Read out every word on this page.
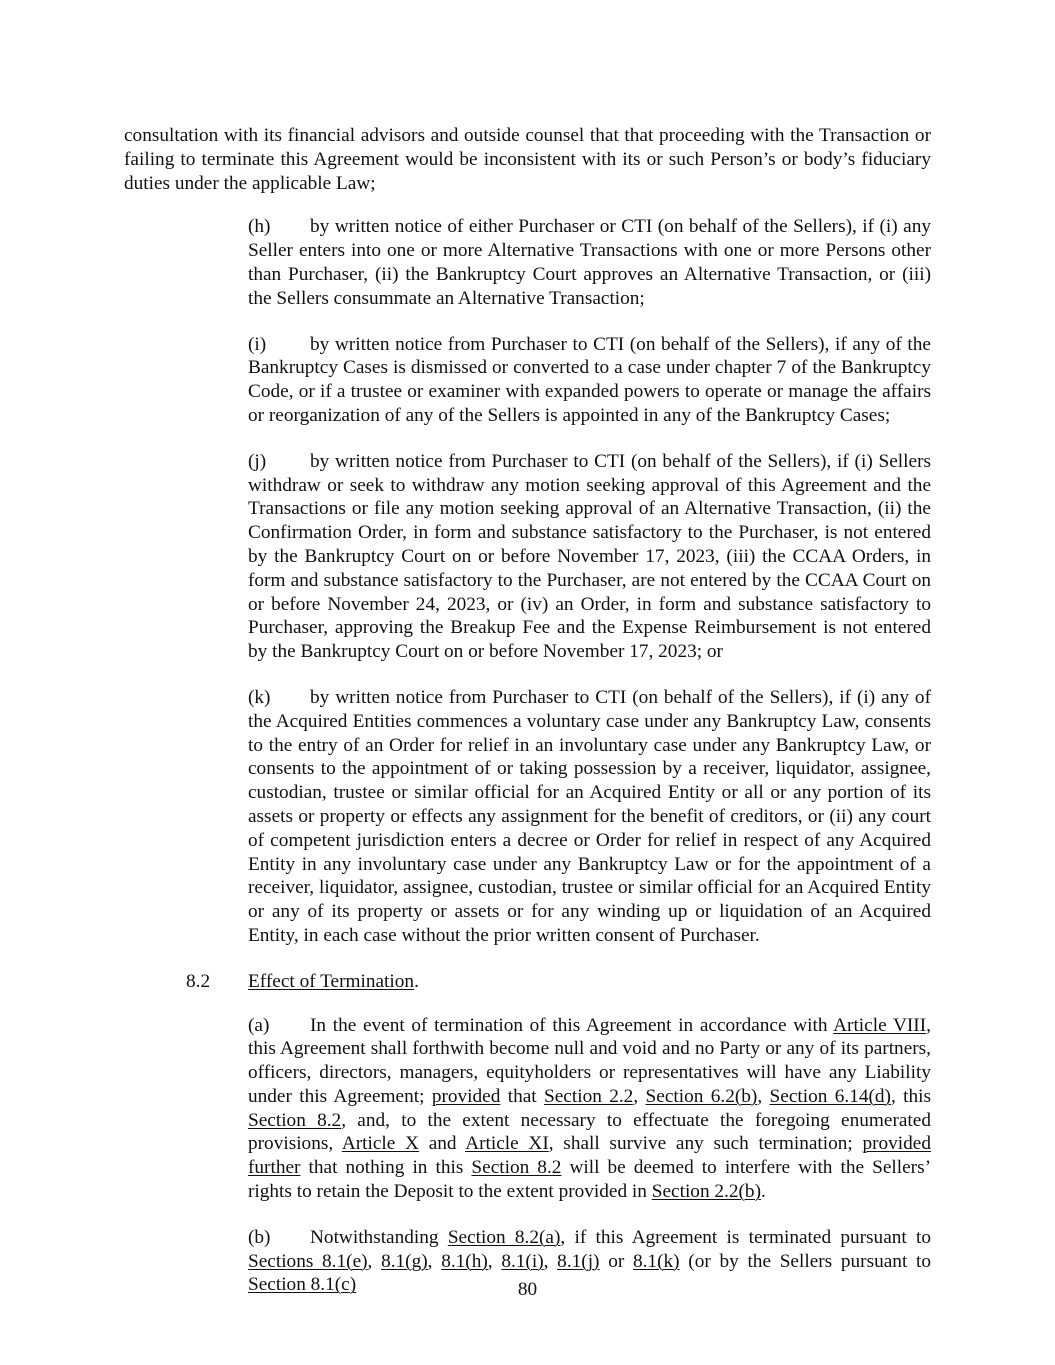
consultation with its financial advisors and outside counsel that that proceeding with the Transaction or failing to terminate this Agreement would be inconsistent with its or such Person’s or body’s fiduciary duties under the applicable Law;

(h) by written notice of either Purchaser or CTI (on behalf of the Sellers), if (i) any Seller enters into one or more Alternative Transactions with one or more Persons other than Purchaser, (ii) the Bankruptcy Court approves an Alternative Transaction, or (iii) the Sellers consummate an Alternative Transaction;

(i) by written notice from Purchaser to CTI (on behalf of the Sellers), if any of the Bankruptcy Cases is dismissed or converted to a case under chapter 7 of the Bankruptcy Code, or if a trustee or examiner with expanded powers to operate or manage the affairs or reorganization of any of the Sellers is appointed in any of the Bankruptcy Cases;

(j) by written notice from Purchaser to CTI (on behalf of the Sellers), if (i) Sellers withdraw or seek to withdraw any motion seeking approval of this Agreement and the Transactions or file any motion seeking approval of an Alternative Transaction, (ii) the Confirmation Order, in form and substance satisfactory to the Purchaser, is not entered by the Bankruptcy Court on or before November 17, 2023, (iii) the CCAA Orders, in form and substance satisfactory to the Purchaser, are not entered by the CCAA Court on or before November 24, 2023, or (iv) an Order, in form and substance satisfactory to Purchaser, approving the Breakup Fee and the Expense Reimbursement is not entered by the Bankruptcy Court on or before November 17, 2023; or

(k) by written notice from Purchaser to CTI (on behalf of the Sellers), if (i) any of the Acquired Entities commences a voluntary case under any Bankruptcy Law, consents to the entry of an Order for relief in an involuntary case under any Bankruptcy Law, or consents to the appointment of or taking possession by a receiver, liquidator, assignee, custodian, trustee or similar official for an Acquired Entity or all or any portion of its assets or property or effects any assignment for the benefit of creditors, or (ii) any court of competent jurisdiction enters a decree or Order for relief in respect of any Acquired Entity in any involuntary case under any Bankruptcy Law or for the appointment of a receiver, liquidator, assignee, custodian, trustee or similar official for an Acquired Entity or any of its property or assets or for any winding up or liquidation of an Acquired Entity, in each case without the prior written consent of Purchaser.

8.2 Effect of Termination.

(a) In the event of termination of this Agreement in accordance with Article VIII, this Agreement shall forthwith become null and void and no Party or any of its partners, officers, directors, managers, equityholders or representatives will have any Liability under this Agreement; provided that Section 2.2, Section 6.2(b), Section 6.14(d), this Section 8.2, and, to the extent necessary to effectuate the foregoing enumerated provisions, Article X and Article XI, shall survive any such termination; provided further that nothing in this Section 8.2 will be deemed to interfere with the Sellers’ rights to retain the Deposit to the extent provided in Section 2.2(b).

(b) Notwithstanding Section 8.2(a), if this Agreement is terminated pursuant to Sections 8.1(e), 8.1(g), 8.1(h), 8.1(i), 8.1(j) or 8.1(k) (or by the Sellers pursuant to Section 8.1(c)	80
